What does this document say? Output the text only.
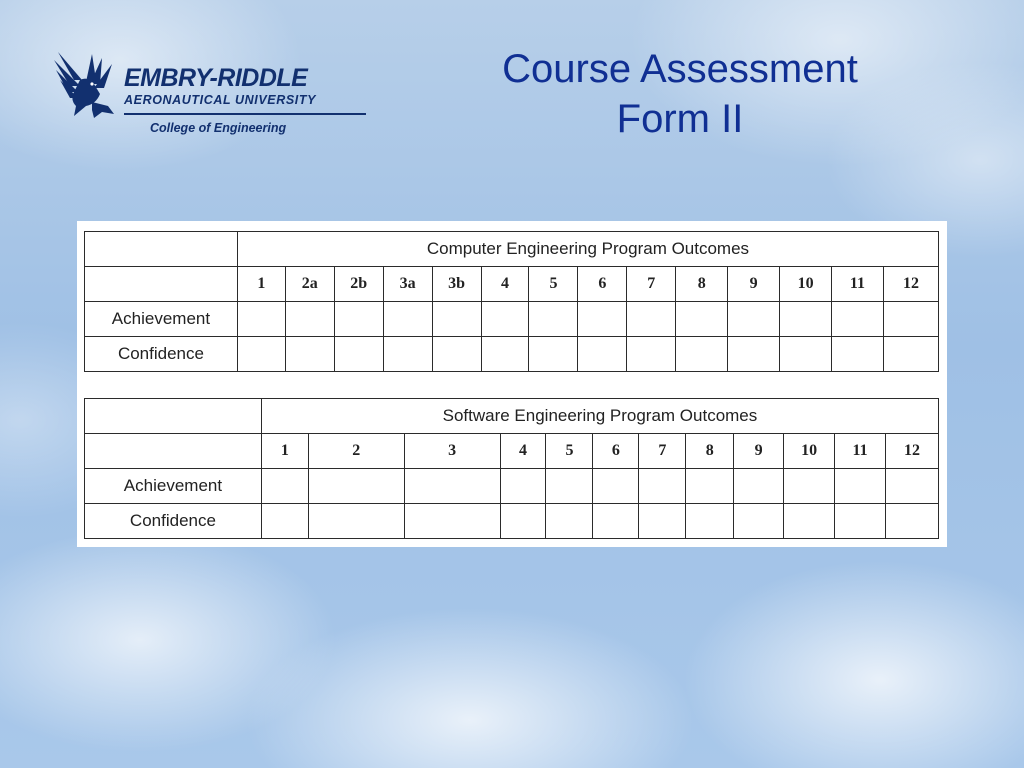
EMBRY-RIDDLE
AERONAUTICAL UNIVERSITY
College of Engineering
Course Assessment
Form II
	Computer Engineering Program Outcomes													
	1	2a	2b	3a	3b	4	5	6	7	8	9	10	11	12
Achievement														
Confidence														
	Software Engineering Program Outcomes											
	1	2	3	4	5	6	7	8	9	10	11	12
Achievement												
Confidence												
